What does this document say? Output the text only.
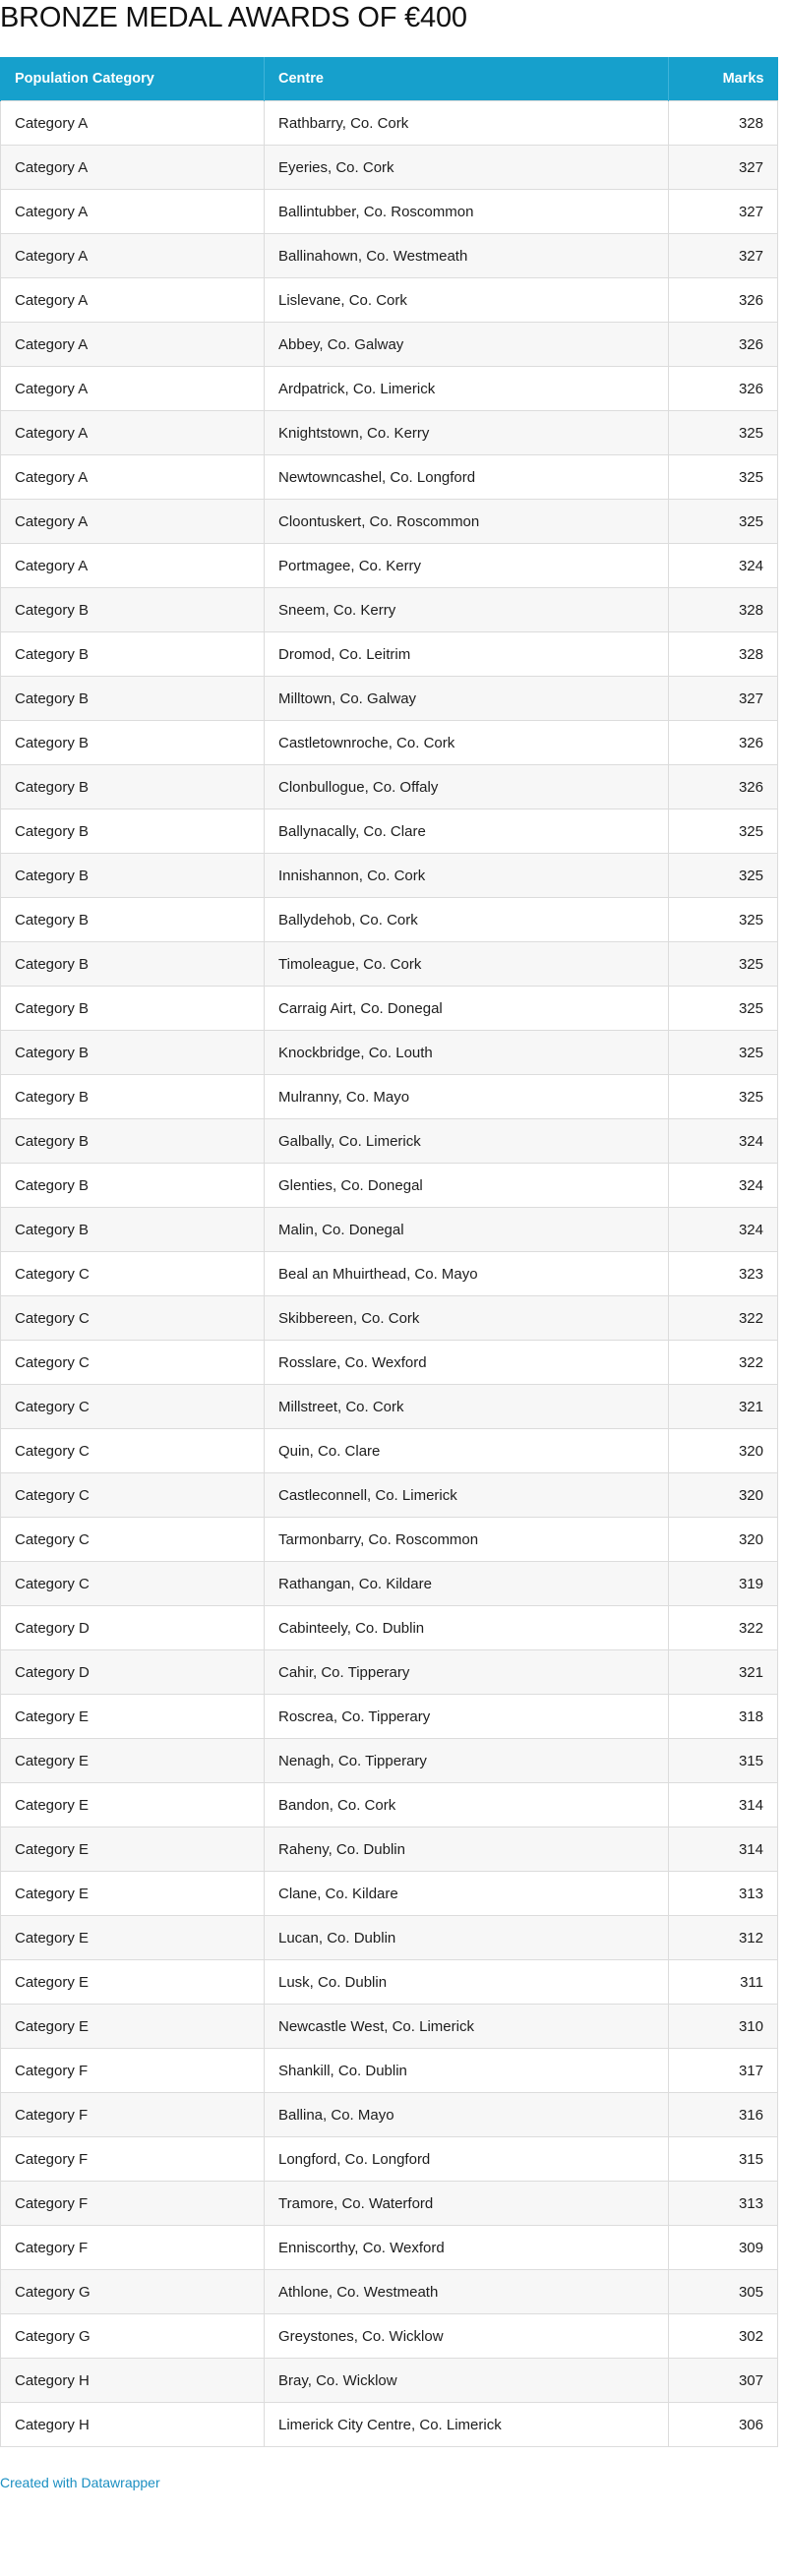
BRONZE MEDAL AWARDS OF €400
Population Category	Centre	Marks
Category A	Rathbarry, Co. Cork	328
Category A	Eyeries, Co. Cork	327
Category A	Ballintubber, Co. Roscommon	327
Category A	Ballinahown, Co. Westmeath	327
Category A	Lislevane, Co. Cork	326
Category A	Abbey, Co. Galway	326
Category A	Ardpatrick, Co. Limerick	326
Category A	Knightstown, Co. Kerry	325
Category A	Newtowncashel, Co. Longford	325
Category A	Cloontuskert, Co. Roscommon	325
Category A	Portmagee, Co. Kerry	324
Category B	Sneem, Co. Kerry	328
Category B	Dromod, Co. Leitrim	328
Category B	Milltown, Co. Galway	327
Category B	Castletownroche, Co. Cork	326
Category B	Clonbullogue, Co. Offaly	326
Category B	Ballynacally, Co. Clare	325
Category B	Innishannon, Co. Cork	325
Category B	Ballydehob, Co. Cork	325
Category B	Timoleague, Co. Cork	325
Category B	Carraig Airt, Co. Donegal	325
Category B	Knockbridge, Co. Louth	325
Category B	Mulranny, Co. Mayo	325
Category B	Galbally, Co. Limerick	324
Category B	Glenties, Co. Donegal	324
Category B	Malin, Co. Donegal	324
Category C	Beal an Mhuirthead, Co. Mayo	323
Category C	Skibbereen, Co. Cork	322
Category C	Rosslare, Co. Wexford	322
Category C	Millstreet, Co. Cork	321
Category C	Quin, Co. Clare	320
Category C	Castleconnell, Co. Limerick	320
Category C	Tarmonbarry, Co. Roscommon	320
Category C	Rathangan, Co. Kildare	319
Category D	Cabinteely, Co. Dublin	322
Category D	Cahir, Co. Tipperary	321
Category E	Roscrea, Co. Tipperary	318
Category E	Nenagh, Co. Tipperary	315
Category E	Bandon, Co. Cork	314
Category E	Raheny, Co. Dublin	314
Category E	Clane, Co. Kildare	313
Category E	Lucan, Co. Dublin	312
Category E	Lusk, Co. Dublin	311
Category E	Newcastle West, Co. Limerick	310
Category F	Shankill, Co. Dublin	317
Category F	Ballina, Co. Mayo	316
Category F	Longford, Co. Longford	315
Category F	Tramore, Co. Waterford	313
Category F	Enniscorthy, Co. Wexford	309
Category G	Athlone, Co. Westmeath	305
Category G	Greystones, Co. Wicklow	302
Category H	Bray, Co. Wicklow	307
Category H	Limerick City Centre, Co. Limerick	306
Created with Datawrapper
